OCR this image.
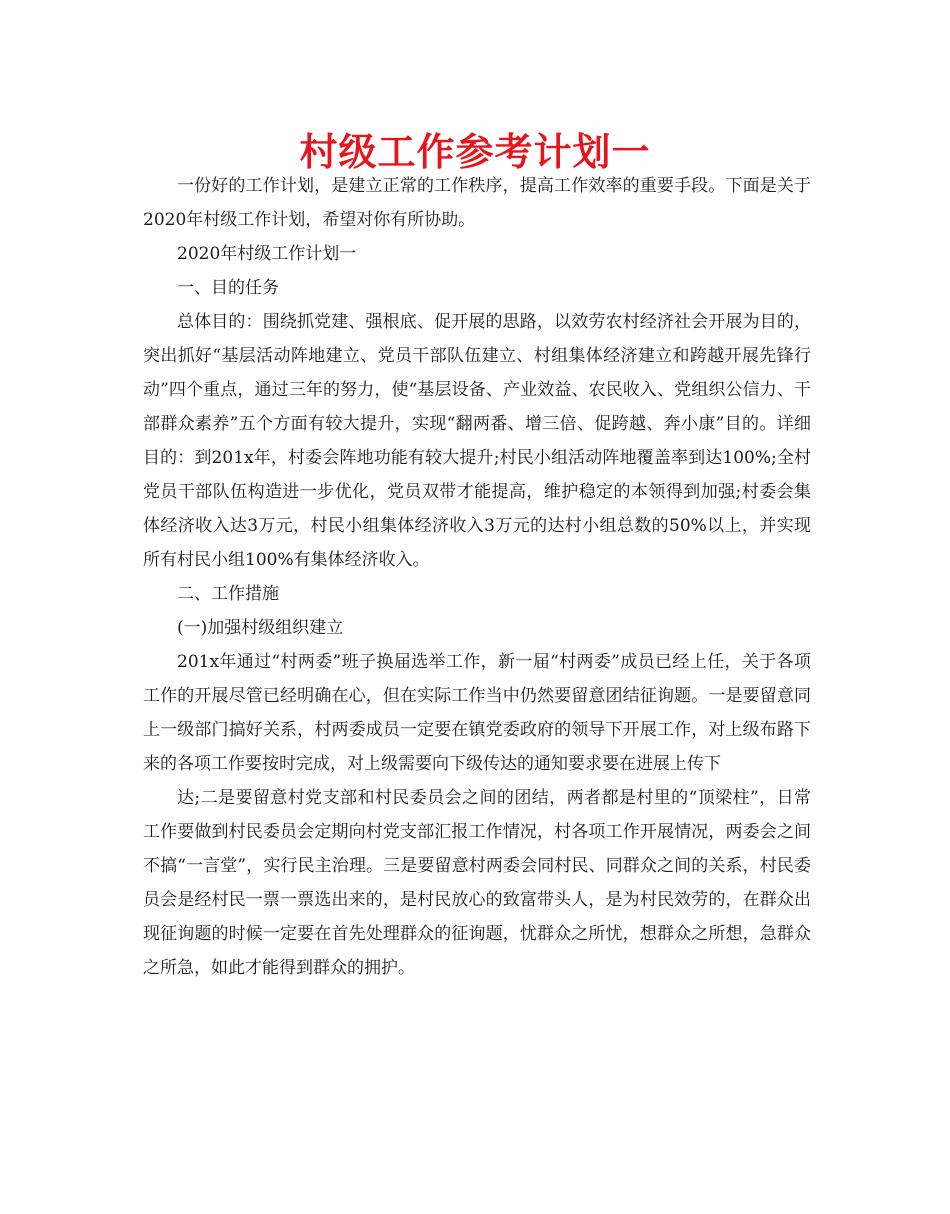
村级工作参考计划一

一份好的工作计划，是建立正常的工作秩序，提高工作效率的重要手段。下面是关于2020年村级工作计划，希望对你有所协助。

2020年村级工作计划一

一、目的任务

总体目的：围绕抓党建、强根底、促开展的思路，以效劳农村经济社会开展为目的，突出抓好“基层活动阵地建立、党员干部队伍建立、村组集体经济建立和跨越开展先锋行动”四个重点，通过三年的努力，使“基层设备、产业效益、农民收入、党组织公信力、干部群众素养”五个方面有较大提升，实现“翻两番、增三倍、促跨越、奔小康”目的。详细目的：到201x年，村委会阵地功能有较大提升;村民小组活动阵地覆盖率到达100%;全村党员干部队伍构造进一步优化，党员双带才能提高，维护稳定的本领得到加强;村委会集体经济收入达3万元，村民小组集体经济收入3万元的达村小组总数的50%以上，并实现所有村民小组100%有集体经济收入。

二、工作措施

(一)加强村级组织建立

201x年通过“村两委”班子换届选举工作，新一届“村两委”成员已经上任，关于各项工作的开展尽管已经明确在心，但在实际工作当中仍然要留意团结征询题。一是要留意同上一级部门搞好关系，村两委成员一定要在镇党委政府的领导下开展工作，对上级布路下来的各项工作要按时完成，对上级需要向下级传达的通知要求要在进展上传下

达;二是要留意村党支部和村民委员会之间的团结，两者都是村里的“顶梁柱”，日常工作要做到村民委员会定期向村党支部汇报工作情况，村各项工作开展情况，两委会之间不搞“一言堂”，实行民主治理。三是要留意村两委会同村民、同群众之间的关系，村民委员会是经村民一票一票选出来的，是村民放心的致富带头人，是为村民效劳的，在群众出现征询题的时候一定要在首先处理群众的征询题，忧群众之所忧，想群众之所想，急群众之所急，如此才能得到群众的拥护。
